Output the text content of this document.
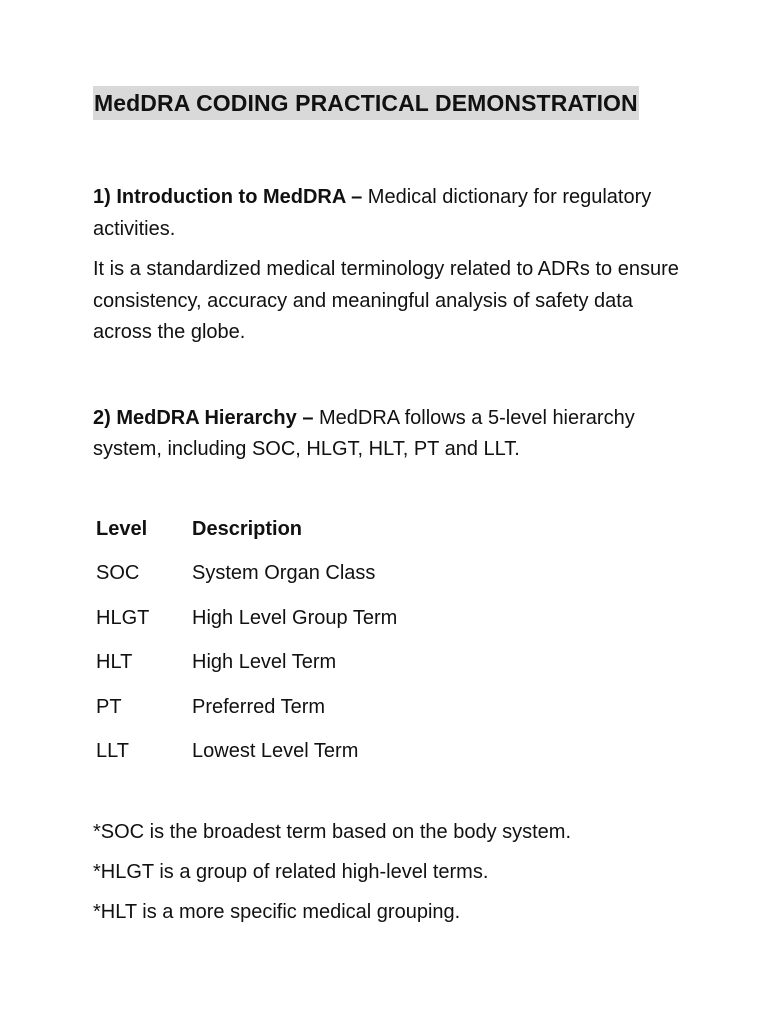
MedDRA CODING PRACTICAL DEMONSTRATION

1) Introduction to MedDRA – Medical dictionary for regulatory activities.

It is a standardized medical terminology related to ADRs to ensure consistency, accuracy and meaningful analysis of safety data across the globe.

2) MedDRA Hierarchy – MedDRA follows a 5-level hierarchy system, including SOC, HLGT, HLT, PT and LLT.

Level	Description
SOC	System Organ Class
HLGT	High Level Group Term
HLT	High Level Term
PT	Preferred Term
LLT	Lowest Level Term

*SOC is the broadest term based on the body system.

*HLGT is a group of related high-level terms.

*HLT is a more specific medical grouping.
